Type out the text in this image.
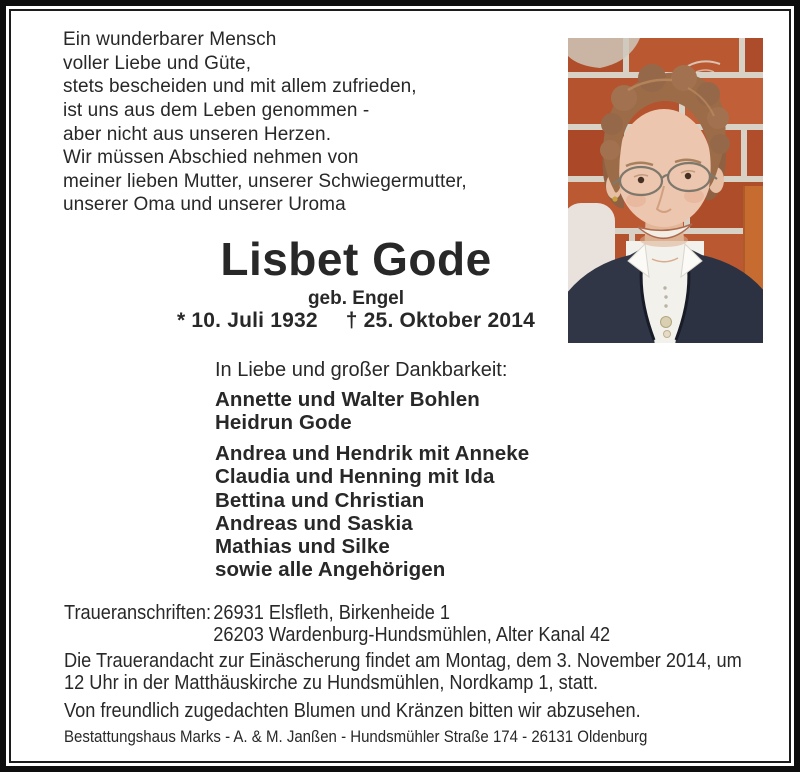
Ein wunderbarer Mensch
voller Liebe und Güte,
stets bescheiden und mit allem zufrieden,
ist uns aus dem Leben genommen -
aber nicht aus unseren Herzen.
Wir müssen Abschied nehmen von
meiner lieben Mutter, unserer Schwiegermutter,
unserer Oma und unserer Uroma
Lisbet Gode
geb. Engel
* 10. Juli 1932 † 25. Oktober 2014
In Liebe und großer Dankbarkeit:
Annette und Walter Bohlen
Heidrun Gode
Andrea und Hendrik mit Anneke
Claudia und Henning mit Ida
Bettina und Christian
Andreas und Saskia
Mathias und Silke
sowie alle Angehörigen
Traueranschriften: 26931 Elsfleth, Birkenheide 1
26203 Wardenburg-Hundsmühlen, Alter Kanal 42
Die Trauerandacht zur Einäscherung findet am Montag, dem 3. November 2014, um
12 Uhr in der Matthäuskirche zu Hundsmühlen, Nordkamp 1, statt.
Von freundlich zugedachten Blumen und Kränzen bitten wir abzusehen.
Bestattungshaus Marks - A. & M. Janßen - Hundsmühler Straße 174 - 26131 Oldenburg
